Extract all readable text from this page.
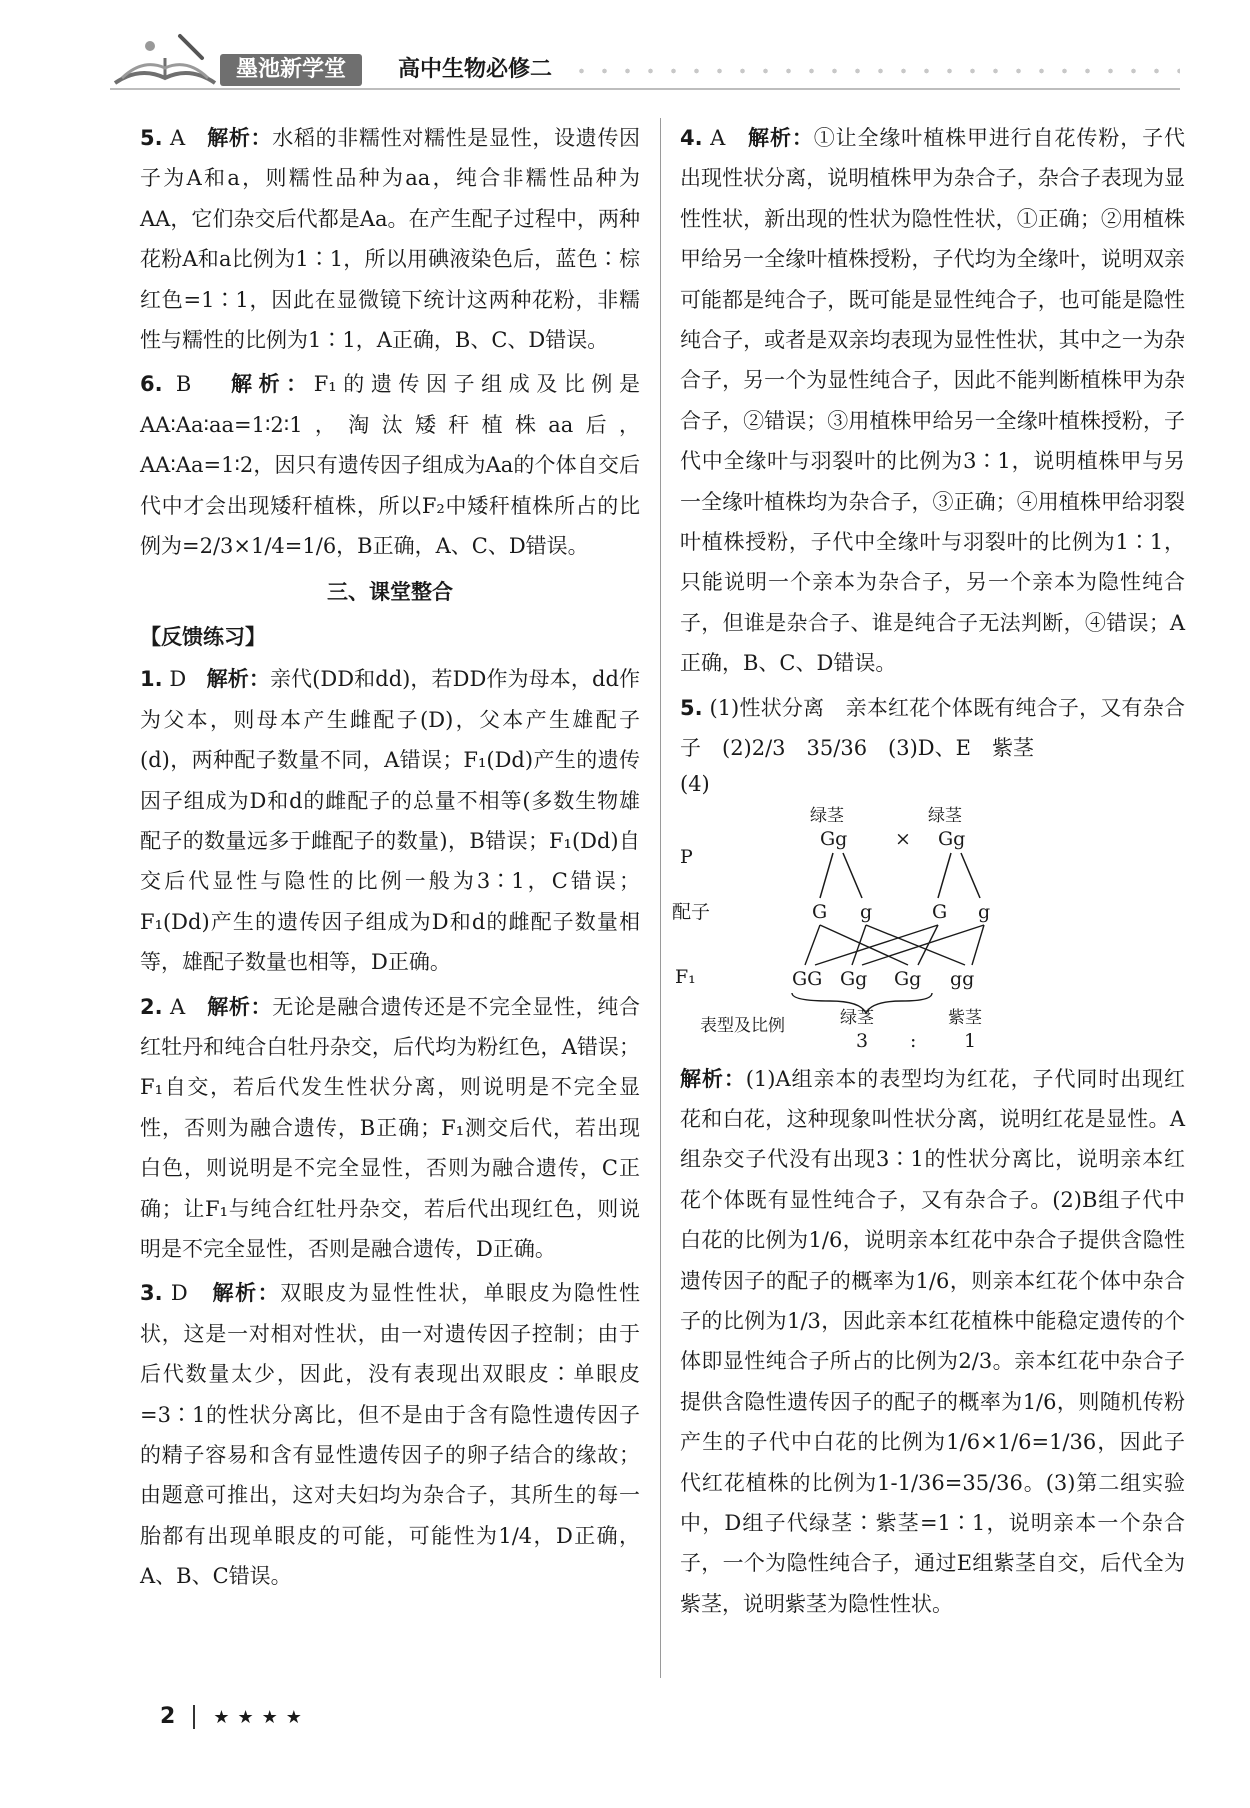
墨池新学堂	高中生物必修二
5. A 解析：水稻的非糯性对糯性是显性，设遗传因子为A和a，则糯性品种为aa，纯合非糯性品种为AA，它们杂交后代都是Aa。在产生配子过程中，两种花粉A和a比例为1∶1，所以用碘液染色后，蓝色∶棕红色=1∶1，因此在显微镜下统计这两种花粉，非糯性与糯性的比例为1∶1，A正确，B、C、D错误。
6. B 解析：F₁的遗传因子组成及比例是AA∶Aa∶aa=1∶2∶1，淘汰矮秆植株aa后，AA∶Aa=1∶2，因只有遗传因子组成为Aa的个体自交后代中才会出现矮秆植株，所以F₂中矮秆植株所占的比例为=2/3×1/4=1/6，B正确，A、C、D错误。
三、课堂整合
【反馈练习】
1. D 解析：亲代(DD和dd)，若DD作为母本，dd作为父本，则母本产生雌配子(D)，父本产生雄配子(d)，两种配子数量不同，A错误；F₁(Dd)产生的遗传因子组成为D和d的雌配子的总量不相等(多数生物雄配子的数量远多于雌配子的数量)，B错误；F₁(Dd)自交后代显性与隐性的比例一般为3∶1，C错误；F₁(Dd)产生的遗传因子组成为D和d的雌配子数量相等，雄配子数量也相等，D正确。
2. A 解析：无论是融合遗传还是不完全显性，纯合红牡丹和纯合白牡丹杂交，后代均为粉红色，A错误；F₁自交，若后代发生性状分离，则说明是不完全显性，否则为融合遗传，B正确；F₁测交后代，若出现白色，则说明是不完全显性，否则为融合遗传，C正确；让F₁与纯合红牡丹杂交，若后代出现红色，则说明是不完全显性，否则是融合遗传，D正确。
3. D 解析：双眼皮为显性性状，单眼皮为隐性性状，这是一对相对性状，由一对遗传因子控制；由于后代数量太少，因此，没有表现出双眼皮∶单眼皮=3∶1的性状分离比，但不是由于含有隐性遗传因子的精子容易和含有显性遗传因子的卵子结合的缘故；由题意可推出，这对夫妇均为杂合子，其所生的每一胎都有出现单眼皮的可能，可能性为1/4，D正确，A、B、C错误。
4. A 解析：①让全缘叶植株甲进行自花传粉，子代出现性状分离，说明植株甲为杂合子，杂合子表现为显性性状，新出现的性状为隐性性状，①正确；②用植株甲给另一全缘叶植株授粉，子代均为全缘叶，说明双亲可能都是纯合子，既可能是显性纯合子，也可能是隐性纯合子，或者是双亲均表现为显性性状，其中之一为杂合子，另一个为显性纯合子，因此不能判断植株甲为杂合子，②错误；③用植株甲给另一全缘叶植株授粉，子代中全缘叶与羽裂叶的比例为3∶1，说明植株甲与另一全缘叶植株均为杂合子，③正确；④用植株甲给羽裂叶植株授粉，子代中全缘叶与羽裂叶的比例为1∶1，只能说明一个亲本为杂合子，另一个亲本为隐性纯合子，但谁是杂合子、谁是纯合子无法判断，④错误；A正确，B、C、D错误。
5. (1)性状分离　亲本红花个体既有纯合子，又有杂合子　(2)2/3　35/36　(3)D、E　紫茎
(4)
P
绿茎
Gg	×
绿茎
Gg
配子	G g	G g
F₁	GG Gg Gg gg
表型及比例	绿茎	紫茎
3 :	1
解析：(1)A组亲本的表型均为红花，子代同时出现红花和白花，这种现象叫性状分离，说明红花是显性。A组杂交子代没有出现3∶1的性状分离比，说明亲本红花个体既有显性纯合子，又有杂合子。(2)B组子代中白花的比例为1/6，说明亲本红花中杂合子提供含隐性遗传因子的配子的概率为1/6，则亲本红花个体中杂合子的比例为1/3，因此亲本红花植株中能稳定遗传的个体即显性纯合子所占的比例为2/3。亲本红花中杂合子提供含隐性遗传因子的配子的概率为1/6，则随机传粉产生的子代中白花的比例为1/6×1/6=1/36，因此子代红花植株的比例为1-1/36=35/36。(3)第二组实验中，D组子代绿茎∶紫茎=1∶1，说明亲本一个杂合子，一个为隐性纯合子，通过E组紫茎自交，后代全为紫茎，说明紫茎为隐性性状。
2 ★★★★
